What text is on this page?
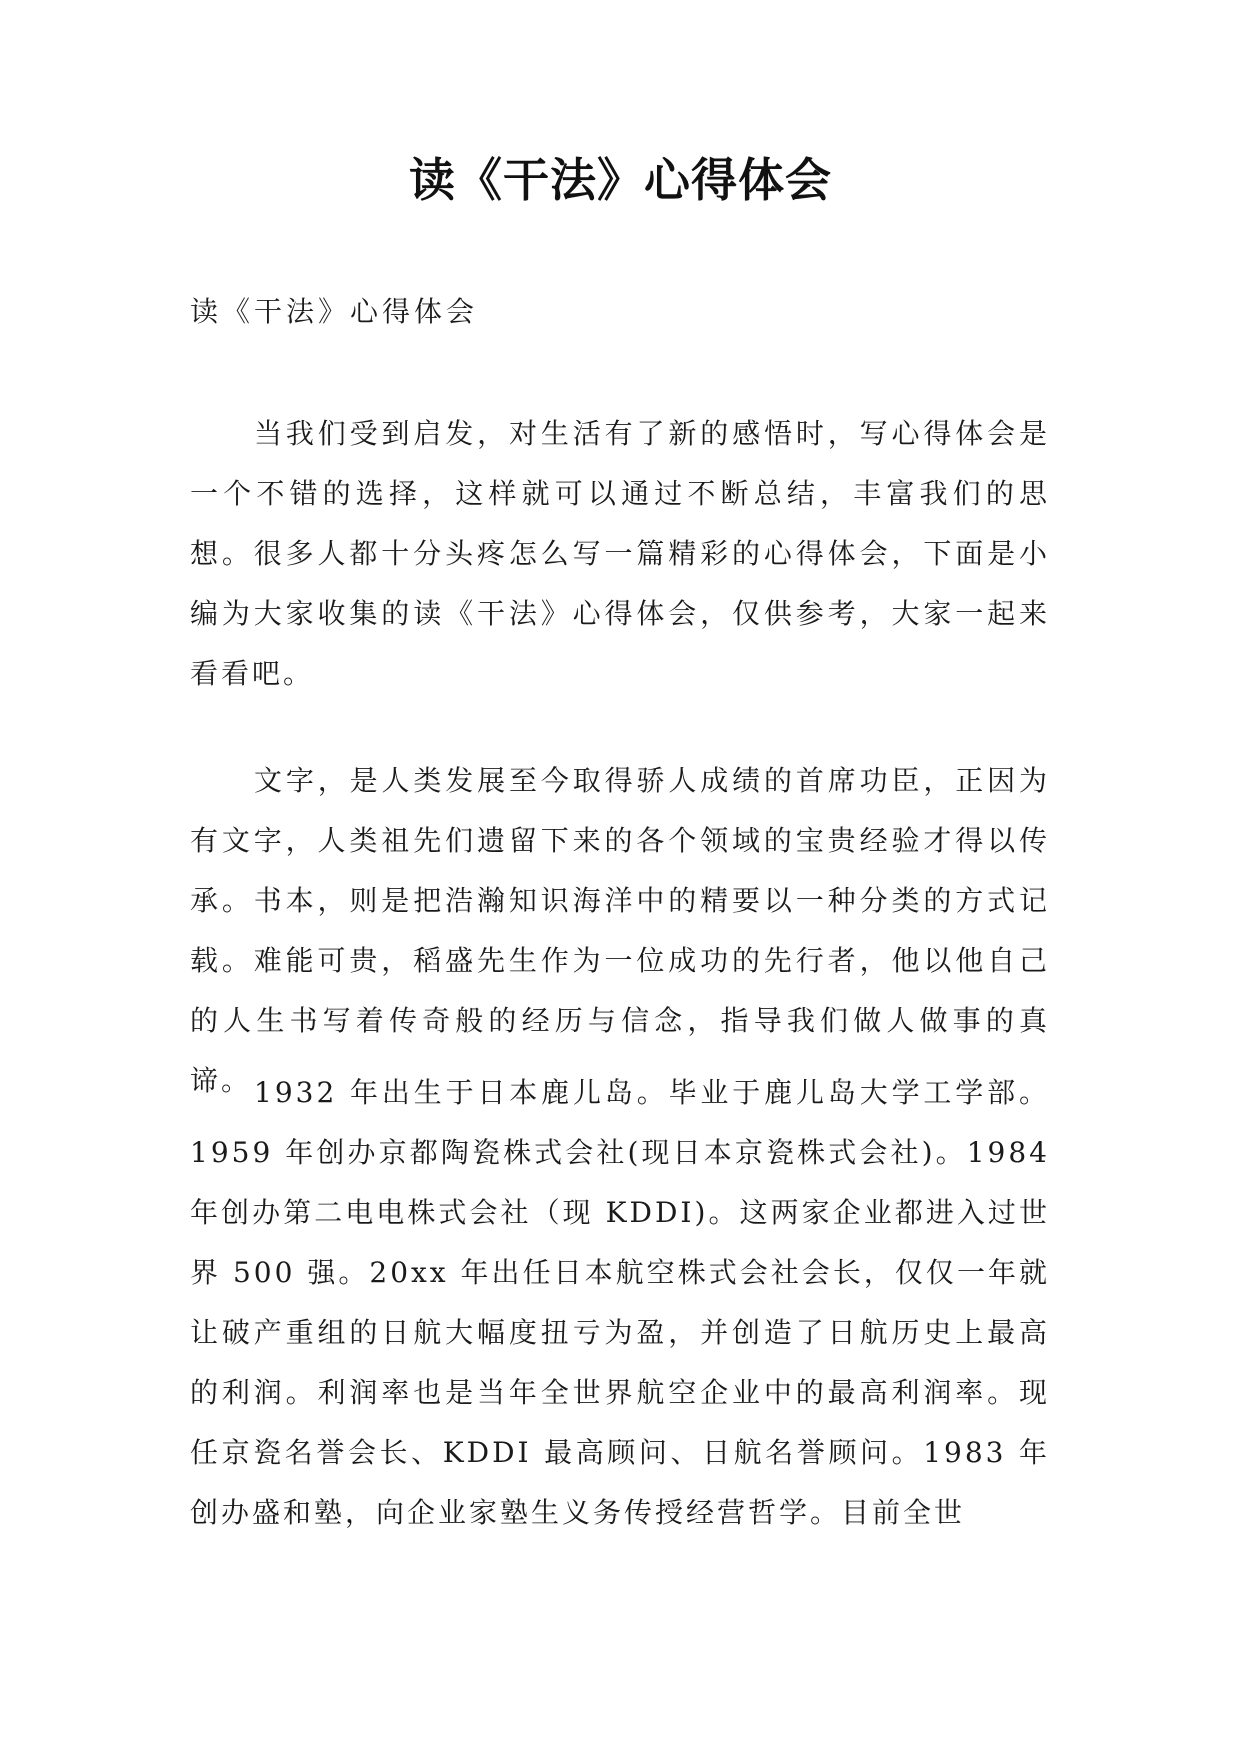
读《干法》心得体会

读《干法》心得体会

当我们受到启发，对生活有了新的感悟时，写心得体会是一个不错的选择，这样就可以通过不断总结，丰富我们的思想。很多人都十分头疼怎么写一篇精彩的心得体会，下面是小编为大家收集的读《干法》心得体会，仅供参考，大家一起来看看吧。

文字，是人类发展至今取得骄人成绩的首席功臣，正因为有文字，人类祖先们遗留下来的各个领域的宝贵经验才得以传承。书本，则是把浩瀚知识海洋中的精要以一种分类的方式记载。难能可贵，稻盛先生作为一位成功的先行者，他以他自己的人生书写着传奇般的经历与信念，指导我们做人做事的真谛。 1932 年出生于日本鹿儿岛。毕业于鹿儿岛大学工学部。1959 年创办京都陶瓷株式会社(现日本京瓷株式会社)。1984 年创办第二电电株式会社（现 KDDI)。这两家企业都进入过世界 500 强。20xx 年出任日本航空株式会社会长，仅仅一年就让破产重组的日航大幅度扭亏为盈，并创造了日航历史上最高的利润。利润率也是当年全世界航空企业中的最高利润率。现任京瓷名誉会长、KDDI 最高顾问、日航名誉顾问。1983 年创办盛和塾，向企业家塾生义务传授经营哲学。目前全世
